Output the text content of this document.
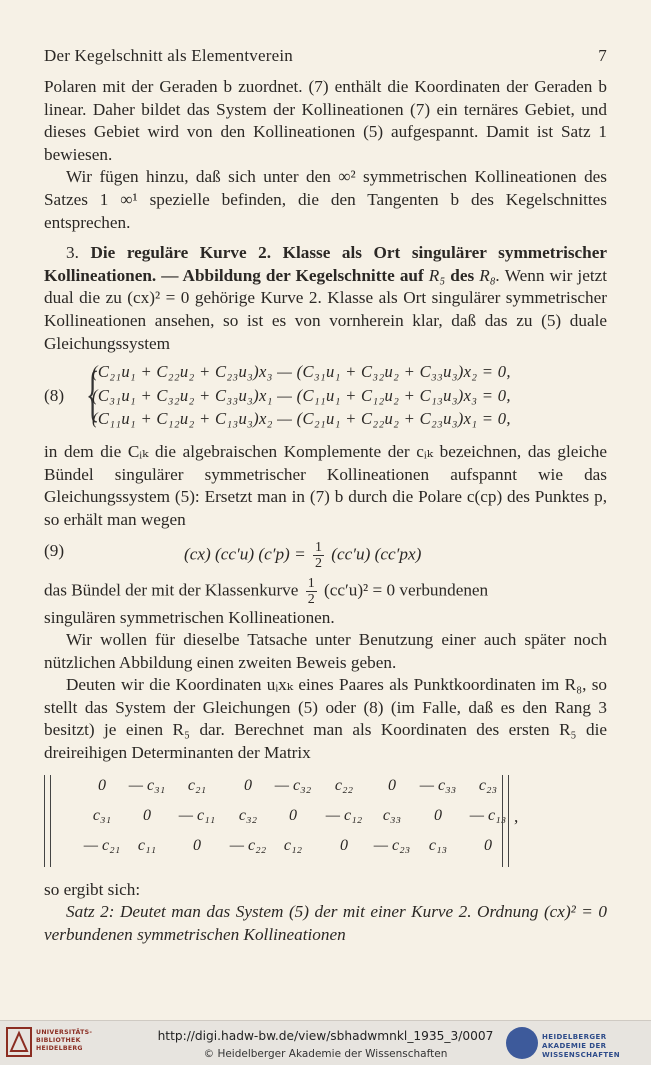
Der Kegelschnitt als Elementverein	7

Polaren mit der Geraden b zuordnet. (7) enthält die Koordinaten der Geraden b linear. Daher bildet das System der Kollineationen (7) ein ternäres Gebiet, und dieses Gebiet wird von den Kollineationen (5) aufgespannt. Damit ist Satz 1 bewiesen.

Wir fügen hinzu, daß sich unter den ∞² symmetrischen Kollineationen des Satzes 1 ∞¹ spezielle befinden, die den Tangenten b des Kegelschnittes entsprechen.

3. Die reguläre Kurve 2. Klasse als Ort singulärer symmetrischer Kollineationen. — Abbildung der Kegelschnitte auf R₅ des R₈. Wenn wir jetzt dual die zu (cx)² = 0 gehörige Kurve 2. Klasse als Ort singulärer symmetrischer Kollineationen ansehen, so ist es von vornherein klar, daß das zu (5) duale Gleichungssystem

(8) {
(C₂₁u₁ + C₂₂u₂ + C₂₃u₃)x₃ — (C₃₁u₁ + C₃₂u₂ + C₃₃u₃)x₂ = 0,
(C₃₁u₁ + C₃₂u₂ + C₃₃u₃)x₁ — (C₁₁u₁ + C₁₂u₂ + C₁₃u₃)x₃ = 0,
(C₁₁u₁ + C₁₂u₂ + C₁₃u₃)x₂ — (C₂₁u₁ + C₂₂u₂ + C₂₃u₃)x₁ = 0,

in dem die Cᵢₖ die algebraischen Komplemente der cᵢₖ bezeichnen, das gleiche Bündel singulärer symmetrischer Kollineationen aufspannt wie das Gleichungssystem (5): Ersetzt man in (7) b durch die Polare c(cp) des Punktes p, so erhält man wegen

(9)	(cx) (cc′u) $(c'p) = \frac{1}{2} (cc'u)$ (cc′px)
das Bündel der mit der Klassenkurve $\frac{1}{2} (cc'u)^2 = 0$ verbundenen

singulären symmetrischen Kollineationen.

Wir wollen für dieselbe Tatsache unter Benutzung einer auch später noch nützlichen Abbildung einen zweiten Beweis geben.

Deuten wir die Koordinaten uᵢxₖ eines Paares als Punktkoordinaten im R₈, so stellt das System der Gleichungen (5) oder (8) (im Falle, daß es den Rang 3 besitzt) je einen R₅ dar. Berechnet man als Koordinaten des ersten R₅ die dreireihigen Determinanten der Matrix

0	— c₃₁	c₂₁	0	— c₃₂	c₂₂	0	— c₃₃	c₂₃
c₃₁	0	— c₁₁	c₃₂	0	— c₁₂	c₃₃	0	— c₁₃
— c₂₁	c₁₁	0	— c₂₂	c₁₂	0	— c₂₃	c₁₃	0
,

so ergibt sich:

Satz 2: Deutet man das System (5) der mit einer Kurve 2. Ordnung (cx)² = 0 verbundenen symmetrischen Kollineationen

UNIVERSITÄTS- BIBLIOTHEK HEIDELBERG
http://digi.hadw-bw.de/view/sbhadwmnkl_1935_3/0007
© Heidelberger Akademie der Wissenschaften
HEIDELBERGER AKADEMIE DER WISSENSCHAFTEN
